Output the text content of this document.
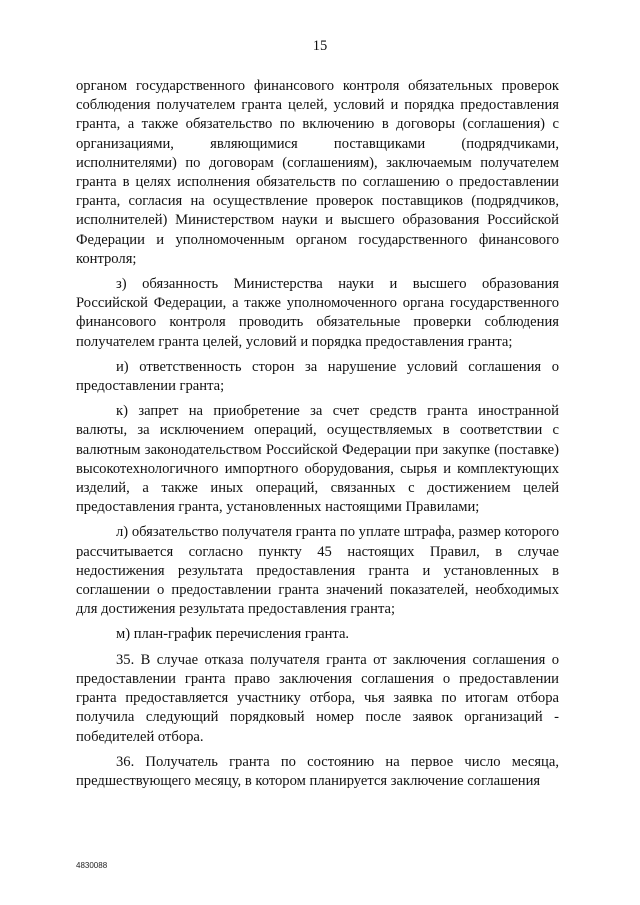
15

органом государственного финансового контроля обязательных проверок соблюдения получателем гранта целей, условий и порядка предоставления гранта, а также обязательство по включению в договоры (соглашения) с организациями, являющимися поставщиками (подрядчиками, исполнителями) по договорам (соглашениям), заключаемым получателем гранта в целях исполнения обязательств по соглашению о предоставлении гранта, согласия на осуществление проверок поставщиков (подрядчиков, исполнителей) Министерством науки и высшего образования Российской Федерации и уполномоченным органом государственного финансового контроля;

з) обязанность Министерства науки и высшего образования Российской Федерации, а также уполномоченного органа государственного финансового контроля проводить обязательные проверки соблюдения получателем гранта целей, условий и порядка предоставления гранта;

и) ответственность сторон за нарушение условий соглашения о предоставлении гранта;

к) запрет на приобретение за счет средств гранта иностранной валюты, за исключением операций, осуществляемых в соответствии с валютным законодательством Российской Федерации при закупке (поставке) высокотехнологичного импортного оборудования, сырья и комплектующих изделий, а также иных операций, связанных с достижением целей предоставления гранта, установленных настоящими Правилами;

л) обязательство получателя гранта по уплате штрафа, размер которого рассчитывается согласно пункту 45 настоящих Правил, в случае недостижения результата предоставления гранта и установленных в соглашении о предоставлении гранта значений показателей, необходимых для достижения результата предоставления гранта;

м) план-график перечисления гранта.

35. В случае отказа получателя гранта от заключения соглашения о предоставлении гранта право заключения соглашения о предоставлении гранта предоставляется участнику отбора, чья заявка по итогам отбора получила следующий порядковый номер после заявок организаций - победителей отбора.

36. Получатель гранта по состоянию на первое число месяца, предшествующего месяцу, в котором планируется заключение соглашения

4830088
